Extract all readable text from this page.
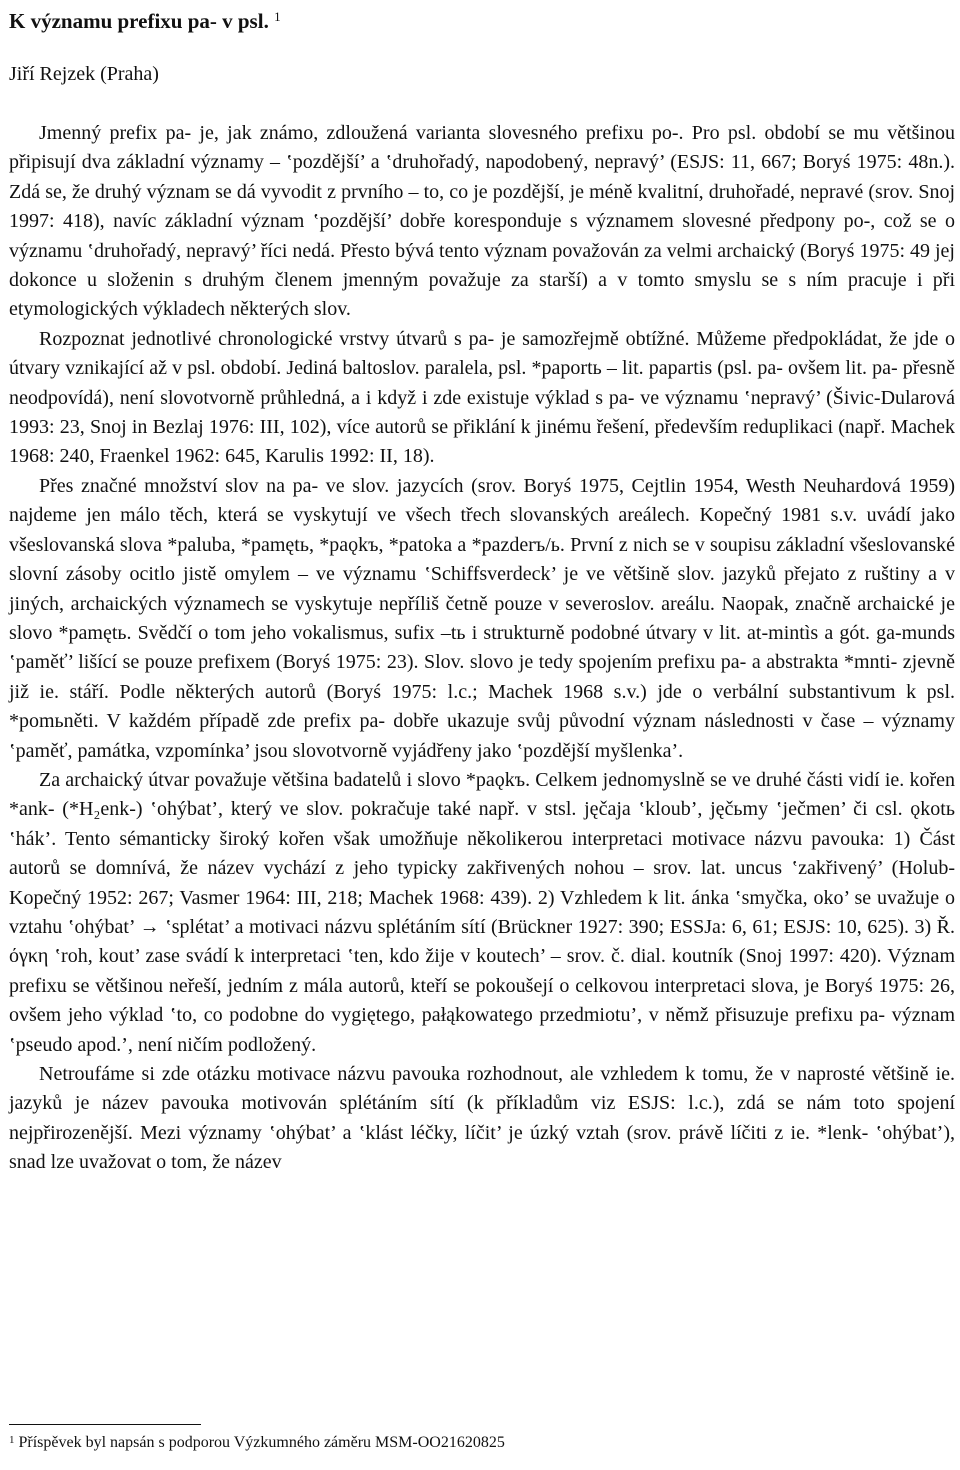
K významu prefixu pa- v psl. $^1$
Jiří Rejzek (Praha)

Jmenný prefix pa- je, jak známo, zdloužená varianta slovesného prefixu po-. Pro psl. období se mu většinou připisují dva základní významy – ‛pozdější’ a ‛druhořadý, napodobený, nepravý’ (ESJS: 11, 667; Boryś 1975: 48n.). Zdá se, že druhý význam se dá vyvodit z prvního – to, co je pozdější, je méně kvalitní, druhořadé, nepravé (srov. Snoj 1997: 418), navíc základní význam ‛pozdější’ dobře koresponduje s významem slovesné předpony po-, což se o významu ‛druhořadý, nepravý’ říci nedá. Přesto bývá tento význam považován za velmi archaický (Boryś 1975: 49 jej dokonce u složenin s druhým členem jmenným považuje za starší) a v tomto smyslu se s ním pracuje i při etymologických výkladech některých slov.

Rozpoznat jednotlivé chronologické vrstvy útvarů s pa- je samozřejmě obtížné. Můžeme předpokládat, že jde o útvary vznikající až v psl. období. Jediná baltoslov. paralela, psl. *paportь – lit. papartis (psl. pa- ovšem lit. pa- přesně neodpovídá), není slovotvorně průhledná, a i když i zde existuje výklad s pa- ve významu ‛nepravý’ (Šivic-Dularová 1993: 23, Snoj in Bezlaj 1976: III, 102), více autorů se přiklání k jinému řešení, především reduplikaci (např. Machek 1968: 240, Fraenkel 1962: 645, Karulis 1992: II, 18).

Přes značné množství slov na pa- ve slov. jazycích (srov. Boryś 1975, Cejtlin 1954, Westh Neuhardová 1959) najdeme jen málo těch, která se vyskytují ve všech třech slovanských areálech. Kopečný 1981 s.v. uvádí jako všeslovanská slova *paluba, *pamętь, *paǫkъ, *patoka a *pazderъ/ь. První z nich se v soupisu základní všeslovanské slovní zásoby ocitlo jistě omylem – ve významu ‛Schiffsverdeck’ je ve většině slov. jazyků přejato z ruštiny a v jiných, archaických významech se vyskytuje nepříliš četně pouze v severoslov. areálu. Naopak, značně archaické je slovo *pamętь. Svědčí o tom jeho vokalismus, sufix –tь i strukturně podobné útvary v lit. at-mintìs a gót. ga-munds ‛paměť’ lišící se pouze prefixem (Boryś 1975: 23). Slov. slovo je tedy spojením prefixu pa- a abstrakta *mnti- zjevně již ie. stáří. Podle některých autorů (Boryś 1975: l.c.; Machek 1968 s.v.) jde o verbální substantivum k psl. *pomьněti. V každém případě zde prefix pa- dobře ukazuje svůj původní význam následnosti v čase – významy ‛paměť, památka, vzpomínka’ jsou slovotvorně vyjádřeny jako ‛pozdější myšlenka’.

Za archaický útvar považuje většina badatelů i slovo *paǫkъ. Celkem jednomyslně se ve druhé části vidí ie. kořen *ank- (*H₂enk-) ‛ohýbat’, který ve slov. pokračuje také např. v stsl. jęčaja ‛kloub’, jęčьmy ‛ječmen’ či csl. ǫkotь ‛hák’. Tento sémanticky široký kořen však umožňuje několikerou interpretaci motivace názvu pavouka: 1) Část autorů se domnívá, že název vychází z jeho typicky zakřivených nohou – srov. lat. uncus ‛zakřivený’ (Holub-Kopečný 1952: 267; Vasmer 1964: III, 218; Machek 1968: 439). 2) Vzhledem k lit. ánka ‛smyčka, oko’ se uvažuje o vztahu ‛ohýbat’ → ‛splétat’ a motivaci názvu splétáním sítí (Brückner 1927: 390; ESSJa: 6, 61; ESJS: 10, 625). 3) Ř. όγκη ‛roh, kout’ zase svádí k interpretaci ‛ten, kdo žije v koutech’ – srov. č. dial. koutník (Snoj 1997: 420). Význam prefixu se většinou neřeší, jedním z mála autorů, kteří se pokoušejí o celkovou interpretaci slova, je Boryś 1975: 26, ovšem jeho výklad ‛to, co podobne do vygiętego, pałąkowatego przedmiotu’, v němž přisuzuje prefixu pa- význam ‛pseudo apod.’, není ničím podložený.

Netroufáme si zde otázku motivace názvu pavouka rozhodnout, ale vzhledem k tomu, že v naprosté většině ie. jazyků je název pavouka motivován splétáním sítí (k příkladům viz ESJS: l.c.), zdá se nám toto spojení nejpřirozenější. Mezi významy ‛ohýbat’ a ‛klást léčky, líčit’ je úzký vztah (srov. právě líčiti z ie. *lenk- ‛ohýbat’), snad lze uvažovat o tom, že název

$^1$ Příspěvek byl napsán s podporou Výzkumného záměru MSM-OO21620825
